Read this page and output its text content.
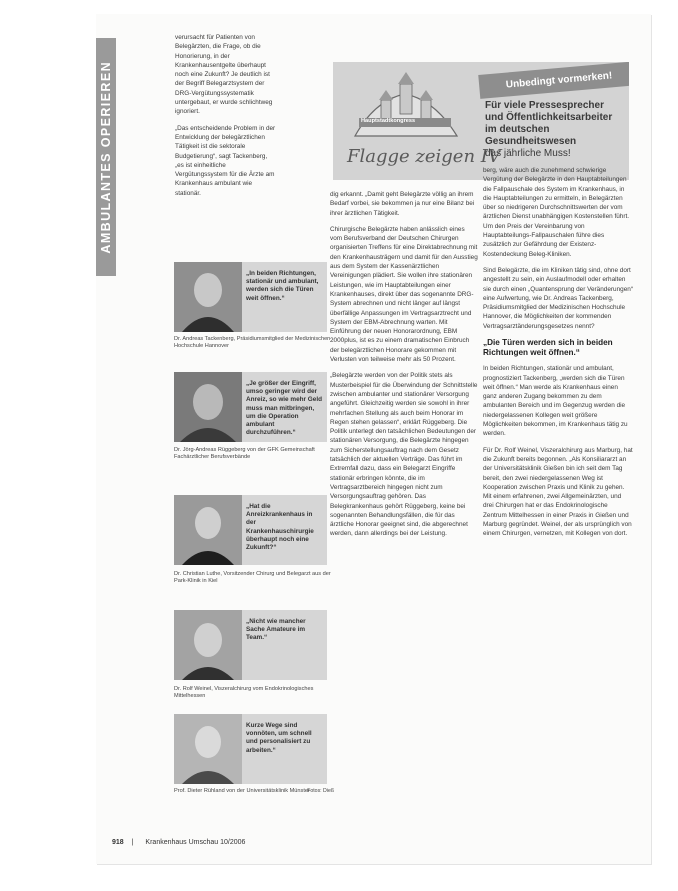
AMBULANTES OPERIEREN

verursacht für Patienten von Belegärzten, die Frage, ob die Honorierung, in der Krankenhausentgelte überhaupt noch eine Zukunft? Je deutlich ist der Begriff Belegarztsystem der DRG-Vergütungssystematik untergebaut, er wurde schlichtweg ignoriert.

„Das entscheidende Problem in der Entwicklung der belegärztlichen Tätigkeit ist die sektorale Budgetierung“, sagt Tackenberg, „es ist einheitliche Vergütungssystem für die Ärzte am Krankenhaus ambulant wie stationär.

Hauptstadtkongress
Flagge zeigen IV
Unbedingt vormerken!
Für viele Pressesprecher und Öffentlichkeitsarbeiter im deutschen Gesundheitswesen
das jährliche Muss!

dig erkannt. „Damit geht Belegärzte völlig an ihrem Bedarf vorbei, sie bekommen ja nur eine Bilanz bei ihrer ärztlichen Tätigkeit.

Chirurgische Belegärzte haben anlässlich eines vom Berufsverband der Deutschen Chirurgen organisierten Treffens für eine Direktabrechnung mit den Krankenhausträgern und damit für den Ausstieg aus dem System der Kassenärztlichen Vereinigungen plädiert. Sie wollen ihre stationären Leistungen, wie im Hauptabteilungen einer Krankenhauses, direkt über das sogenannte DRG-System abrechnen und nicht länger auf längst überfällige Anpassungen im Vertragsarztrecht und System der EBM-Abrechnung warten. Mit Einführung der neuen Honorarordnung, EBM 2000plus, ist es zu einem dramatischen Einbruch der belegärztlichen Honorare gekommen mit Verlusten von teilweise mehr als 50 Prozent.

„Belegärzte werden von der Politik stets als Musterbeispiel für die Überwindung der Schnittstelle zwischen ambulanter und stationärer Versorgung angeführt. Gleichzeitig werden sie sowohl in ihrer mehrfachen Stellung als auch beim Honorar im Regen stehen gelassen“, erklärt Rüggeberg. Die Politik unterlegt den tatsächlichen Bedeutungen der stationären Versorgung, die Belegärzte hingegen zum Sicherstellungsauftrag nach dem Gesetz tatsächlich der aktuellen Verträge. Das führt im Extremfall dazu, dass ein Belegarzt Eingriffe stationär erbringen könnte, die im Vertragsarztbereich hingegen nicht zum Versorgungsauftrag gehören. Das Belegkrankenhaus gehört Rüggeberg, keine bei sogenannten Behandlungsfällen, die für das ärztliche Honorar geeignet sind, die abgerechnet werden, dann allerdings bei der Leistung.

berg, wäre auch die zunehmend schwierige Vergütung der Belegärzte in den Hauptabteilungen die Fallpauschale des System im Krankenhaus, in die Hauptabteilungen zu ermitteln, in Belegärzten über so niedrigeren Durchschnittswerten der vom ärztlichen Dienst unabhängigen Kostenstellen führt. Um den Preis der Vereinbarung von Hauptabteilungs-Fallpauschalen führe dies zusätzlich zur Gefährdung der Existenz-Kostendeckung Beleg-Kliniken.

Sind Belegärzte, die im Kliniken tätig sind, ohne dort angestellt zu sein, ein Auslaufmodell oder erhalten sie durch einen „Quantensprung der Veränderungen“ eine Aufwertung, wie Dr. Andreas Tackenberg, Präsidiumsmitglied der Medizinischen Hochschule Hannover, die Möglichkeiten der kommenden Vertragsarztänderungsgesetzes nennt?

„Die Türen werden sich in beiden Richtungen weit öffnen.“

In beiden Richtungen, stationär und ambulant, prognostiziert Tackenberg, „werden sich die Türen weit öffnen.“ Man werde als Krankenhaus einen ganz anderen Zugang bekommen zu dem ambulanten Bereich und im Gegenzug werden die niedergelassenen Kollegen weit größere Möglichkeiten bekommen, im Krankenhaus tätig zu werden.

Für Dr. Rolf Weinel, Viszeralchirurg aus Marburg, hat die Zukunft bereits begonnen. „Als Konsiliararzt an der Universitätsklinik Gießen bin ich seit dem Tag bereit, den zwei niedergelassenen Weg ist Kooperation zwischen Praxis und Klinik zu gehen. Mit einem erfahrenen, zwei Allgemeinärzten, und drei Chirurgen hat er das Endokrinologische Zentrum Mittelhessen in einer Praxis in Gießen und Marburg gegründet. Weinel, der als ursprünglich von einem Chirurgen, vernetzen, mit Kollegen von dort.

„In beiden Richtungen, stationär und ambulant, werden sich die Türen weit öffnen.“
Dr. Andreas Tackenberg, Präsidiumsmitglied der Medizinischen Hochschule Hannover
„Je größer der Eingriff, umso geringer wird der Anreiz, so wie mehr Geld muss man mitbringen, um die Operation ambulant durchzuführen.“
Dr. Jörg-Andreas Rüggeberg von der GFK Gemeinschaft Fachärztlicher Berufsverbände
„Hat die Anreizkrankenhaus in der Krankenhauschirurgie überhaupt noch eine Zukunft?“
Dr. Christian Luthe, Vorsitzender Chirurg und Belegarzt aus der Park-Klinik in Kiel
„Nicht wie mancher Sache Amateure im Team.“
Dr. Rolf Weinel, Viszeralchirurg vom Endokrinologisches Mittelhessen
Kurze Wege sind vonnöten, um schnell und personalisiert zu arbeiten.“
Prof. Dieter Rühland von der Universitätsklinik Münster
Fotos: Dieß
918 | Krankenhaus Umschau 10/2006
